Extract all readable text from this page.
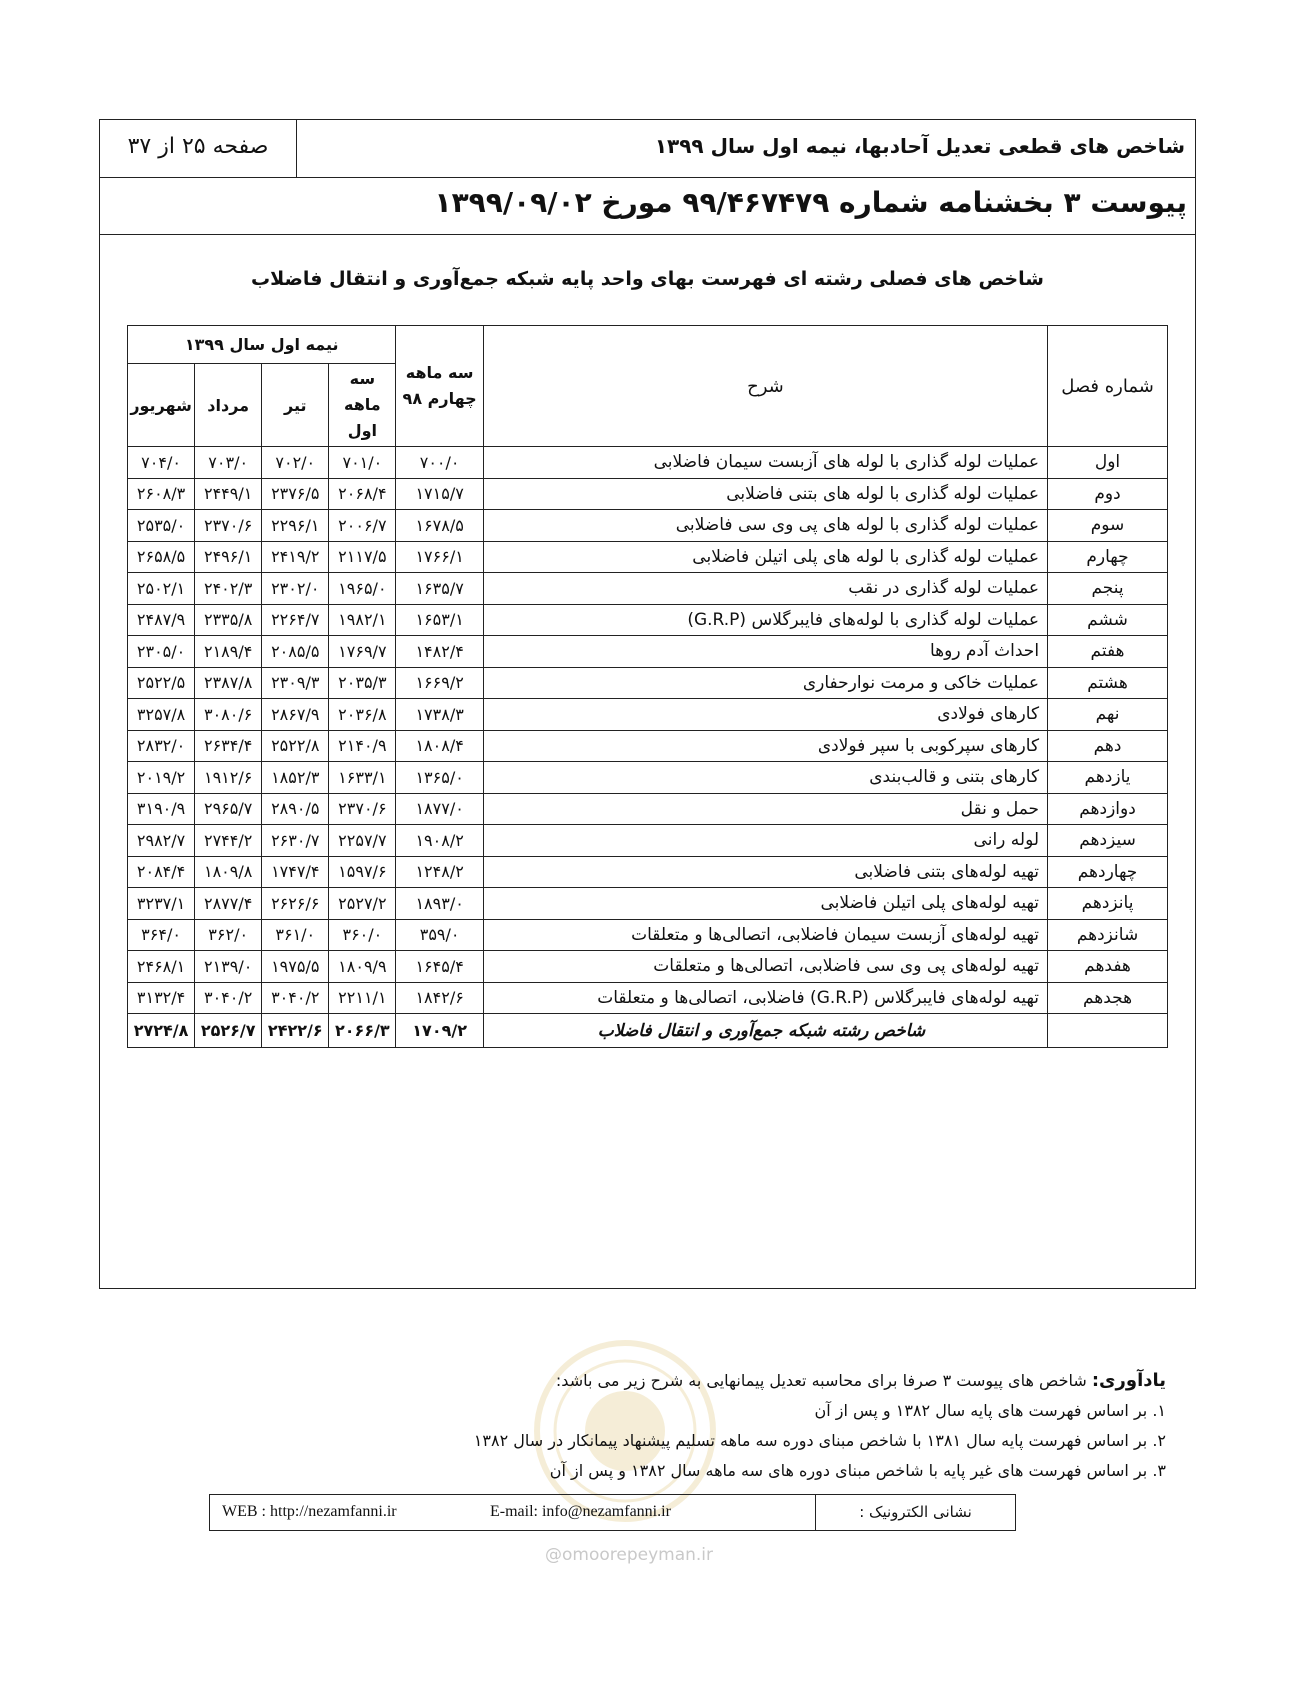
شاخص های قطعی تعدیل آحادبها، نیمه اول سال ۱۳۹۹
صفحه ۲۵ از ۳۷
پیوست ۳ بخشنامه شماره ۹۹/۴۶۷۴۷۹ مورخ ۱۳۹۹/۰۹/۰۲
شاخص های فصلی رشته ای فهرست بهای واحد پایه شبکه جمع‌آوری و انتقال فاضلاب
شماره فصل	شرح	سه ماهه چهارم ۹۸	نیمه اول سال ۱۳۹۹			
			سه ماهه اول	تیر	مرداد	شهریور
اول	عملیات لوله گذاری با لوله های آزبست سیمان فاضلابی	۷۰۰/۰	۷۰۱/۰	۷۰۲/۰	۷۰۳/۰	۷۰۴/۰
دوم	عملیات لوله گذاری با لوله های بتنی فاضلابی	۱۷۱۵/۷	۲۰۶۸/۴	۲۳۷۶/۵	۲۴۴۹/۱	۲۶۰۸/۳
سوم	عملیات لوله گذاری با لوله های پی وی سی فاضلابی	۱۶۷۸/۵	۲۰۰۶/۷	۲۲۹۶/۱	۲۳۷۰/۶	۲۵۳۵/۰
چهارم	عملیات لوله گذاری با لوله های پلی اتیلن فاضلابی	۱۷۶۶/۱	۲۱۱۷/۵	۲۴۱۹/۲	۲۴۹۶/۱	۲۶۵۸/۵
پنجم	عملیات لوله گذاری در نقب	۱۶۳۵/۷	۱۹۶۵/۰	۲۳۰۲/۰	۲۴۰۲/۳	۲۵۰۲/۱
ششم	عملیات لوله گذاری با لوله‌های فایبرگلاس (G.R.P)	۱۶۵۳/۱	۱۹۸۲/۱	۲۲۶۴/۷	۲۳۳۵/۸	۲۴۸۷/۹
هفتم	احداث آدم روها	۱۴۸۲/۴	۱۷۶۹/۷	۲۰۸۵/۵	۲۱۸۹/۴	۲۳۰۵/۰
هشتم	عملیات خاکی و مرمت نوارحفاری	۱۶۶۹/۲	۲۰۳۵/۳	۲۳۰۹/۳	۲۳۸۷/۸	۲۵۲۲/۵
نهم	کارهای فولادی	۱۷۳۸/۳	۲۰۳۶/۸	۲۸۶۷/۹	۳۰۸۰/۶	۳۲۵۷/۸
دهم	کارهای سپرکوبی با سپر فولادی	۱۸۰۸/۴	۲۱۴۰/۹	۲۵۲۲/۸	۲۶۳۴/۴	۲۸۳۲/۰
یازدهم	کارهای بتنی و قالب‌بندی	۱۳۶۵/۰	۱۶۳۳/۱	۱۸۵۲/۳	۱۹۱۲/۶	۲۰۱۹/۲
دوازدهم	حمل و نقل	۱۸۷۷/۰	۲۳۷۰/۶	۲۸۹۰/۵	۲۹۶۵/۷	۳۱۹۰/۹
سیزدهم	لوله رانی	۱۹۰۸/۲	۲۲۵۷/۷	۲۶۳۰/۷	۲۷۴۴/۲	۲۹۸۲/۷
چهاردهم	تهیه لوله‌های بتنی فاضلابی	۱۲۴۸/۲	۱۵۹۷/۶	۱۷۴۷/۴	۱۸۰۹/۸	۲۰۸۴/۴
پانزدهم	تهیه لوله‌های پلی اتیلن فاضلابی	۱۸۹۳/۰	۲۵۲۷/۲	۲۶۲۶/۶	۲۸۷۷/۴	۳۲۳۷/۱
شانزدهم	تهیه لوله‌های آزبست سیمان فاضلابی، اتصالی‌ها و متعلقات	۳۵۹/۰	۳۶۰/۰	۳۶۱/۰	۳۶۲/۰	۳۶۴/۰
هفدهم	تهیه لوله‌های پی وی سی فاضلابی، اتصالی‌ها و متعلقات	۱۶۴۵/۴	۱۸۰۹/۹	۱۹۷۵/۵	۲۱۳۹/۰	۲۴۶۸/۱
هجدهم	تهیه لوله‌های فایبرگلاس (G.R.P) فاضلابی، اتصالی‌ها و متعلقات	۱۸۴۲/۶	۲۲۱۱/۱	۳۰۴۰/۲	۳۰۴۰/۲	۳۱۳۲/۴
	شاخص رشته شبکه جمع‌آوری و انتقال فاضلاب	۱۷۰۹/۲	۲۰۶۶/۳	۲۴۲۲/۶	۲۵۲۶/۷	۲۷۲۴/۸
یادآوری: شاخص های پیوست ۳ صرفا برای محاسبه تعدیل پیمانهایی به شرح زیر می باشد:
۱. بر اساس فهرست های پایه سال ۱۳۸۲ و پس از آن
۲. بر اساس فهرست پایه سال ۱۳۸۱ با شاخص مبنای دوره سه ماهه تسلیم پیشنهاد پیمانکار در سال ۱۳۸۲
۳. بر اساس فهرست های غیر پایه با شاخص مبنای دوره های سه ماهه سال ۱۳۸۲ و پس از آن
نشانی الکترونیک :
WEB : http://nezamfanni.ir	E-mail: info@nezamfanni.ir
@omoorepeyman.ir
